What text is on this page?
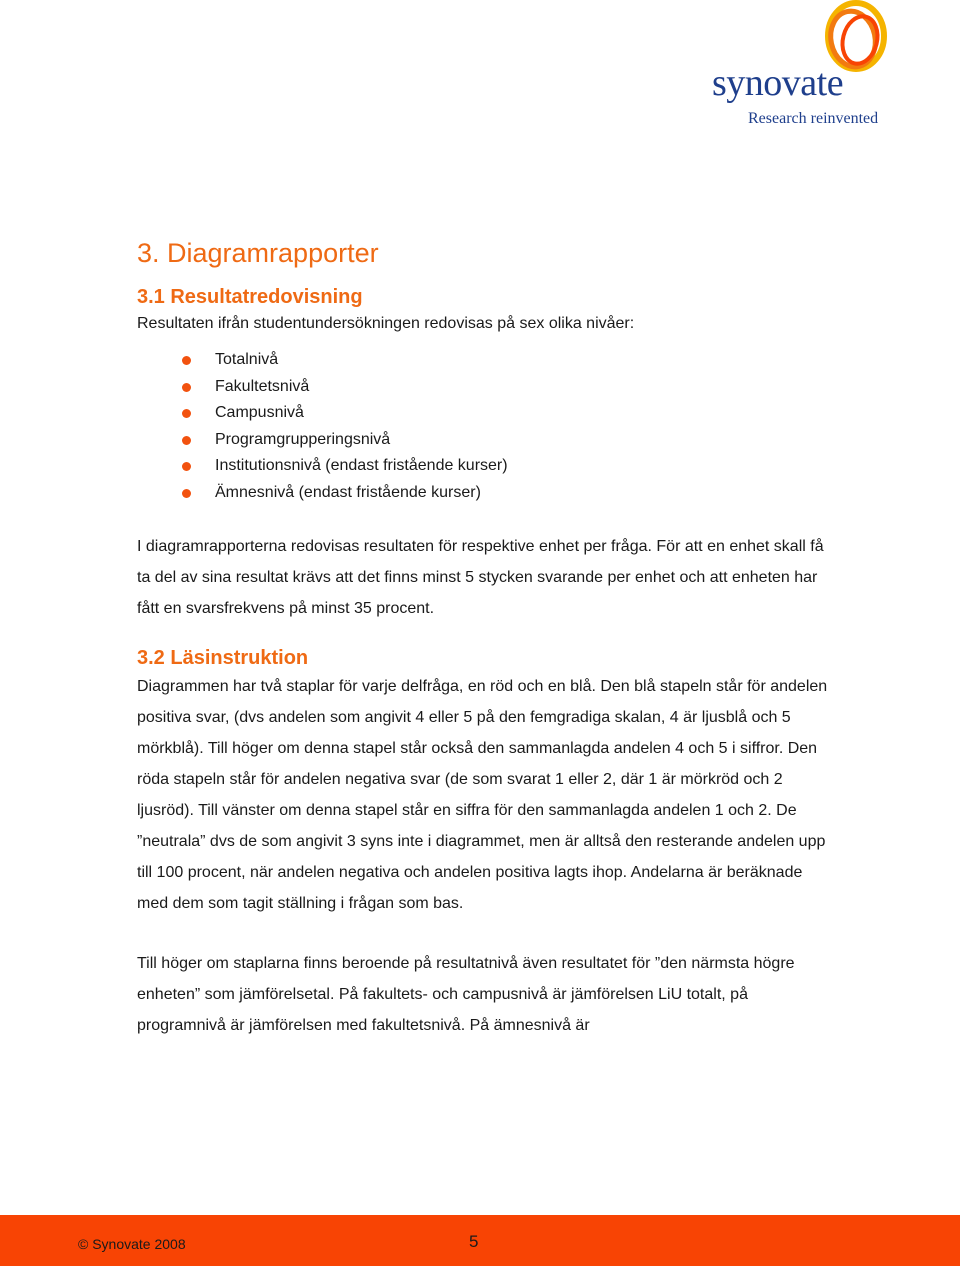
synovate
Research reinvented
3. Diagramrapporter
3.1 Resultatredovisning

Resultaten ifrån studentundersökningen redovisas på sex olika nivåer:

Totalnivå
Fakultetsnivå
Campusnivå
Programgrupperingsnivå
Institutionsnivå (endast fristående kurser)
Ämnesnivå (endast fristående kurser)

I diagramrapporterna redovisas resultaten för respektive enhet per fråga. För att en enhet skall få ta del av sina resultat krävs att det finns minst 5 stycken svarande per enhet och att enheten har fått en svarsfrekvens på minst 35 procent.

3.2 Läsinstruktion

Diagrammen har två staplar för varje delfråga, en röd och en blå. Den blå stapeln står för andelen positiva svar, (dvs andelen som angivit 4 eller 5 på den femgradiga skalan, 4 är ljusblå och 5 mörkblå). Till höger om denna stapel står också den sammanlagda andelen 4 och 5 i siffror. Den röda stapeln står för andelen negativa svar (de som svarat 1 eller 2, där 1 är mörkröd och 2 ljusröd). Till vänster om denna stapel står en siffra för den sammanlagda andelen 1 och 2. De ”neutrala” dvs de som angivit 3 syns inte i diagrammet, men är alltså den resterande andelen upp till 100 procent, när andelen negativa och andelen positiva lagts ihop. Andelarna är beräknade med dem som tagit ställning i frågan som bas.

Till höger om staplarna finns beroende på resultatnivå även resultatet för ”den närmsta högre enheten” som jämförelsetal. På fakultets- och campusnivå är jämförelsen LiU totalt, på programnivå är jämförelsen med fakultetsnivå. På ämnesnivå är

© Synovate 2008	5
